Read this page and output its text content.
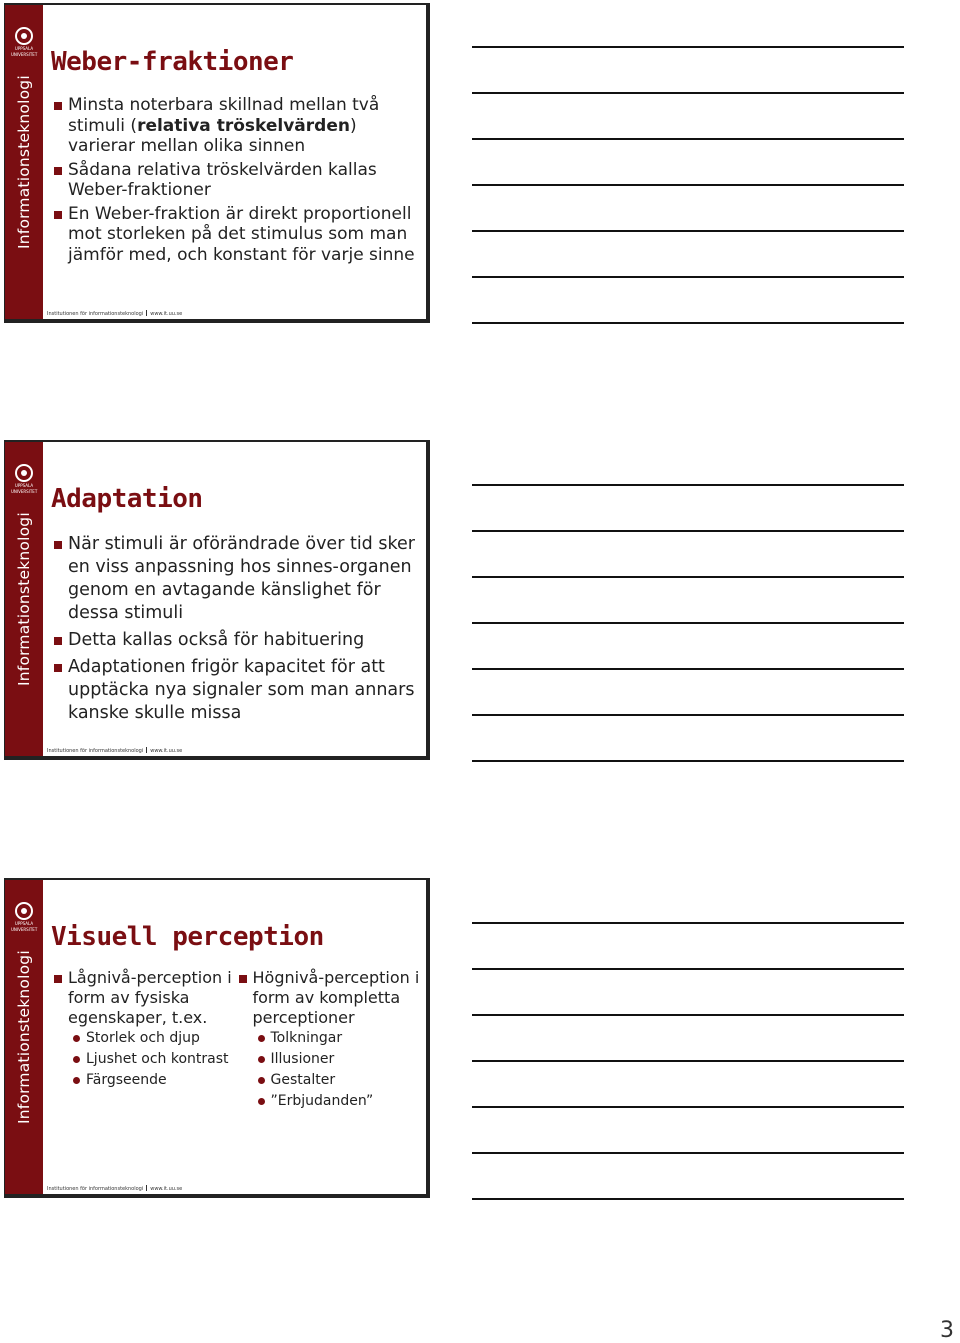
UPPSALA
UNIVERSITET
Informationsteknologi
Weber-fraktioner
Minsta noterbara skillnad mellan två stimuli (relativa tröskelvärden) varierar mellan olika sinnen
Sådana relativa tröskelvärden kallas Weber-fraktioner
En Weber-fraktion är direkt proportionell mot storleken på det stimulus som man jämför med, och konstant för varje sinne
Institutionen för informationsteknologi www.it.uu.se
UPPSALA
UNIVERSITET
Informationsteknologi
Adaptation
När stimuli är oförändrade över tid sker en viss anpassning hos sinnes-organen genom en avtagande känslighet för dessa stimuli
Detta kallas också för habituering
Adaptationen frigör kapacitet för att upptäcka nya signaler som man annars kanske skulle missa
Institutionen för informationsteknologi www.it.uu.se
UPPSALA
UNIVERSITET
Informationsteknologi
Visuell perception
Lågnivå-perception i form av fysiska egenskaper, t.ex.
Storlek och djup
Ljushet och kontrast
Färgseende
Högnivå-perception i form av kompletta perceptioner
Tolkningar
Illusioner
Gestalter
”Erbjudanden”
Institutionen för informationsteknologi www.it.uu.se
3
